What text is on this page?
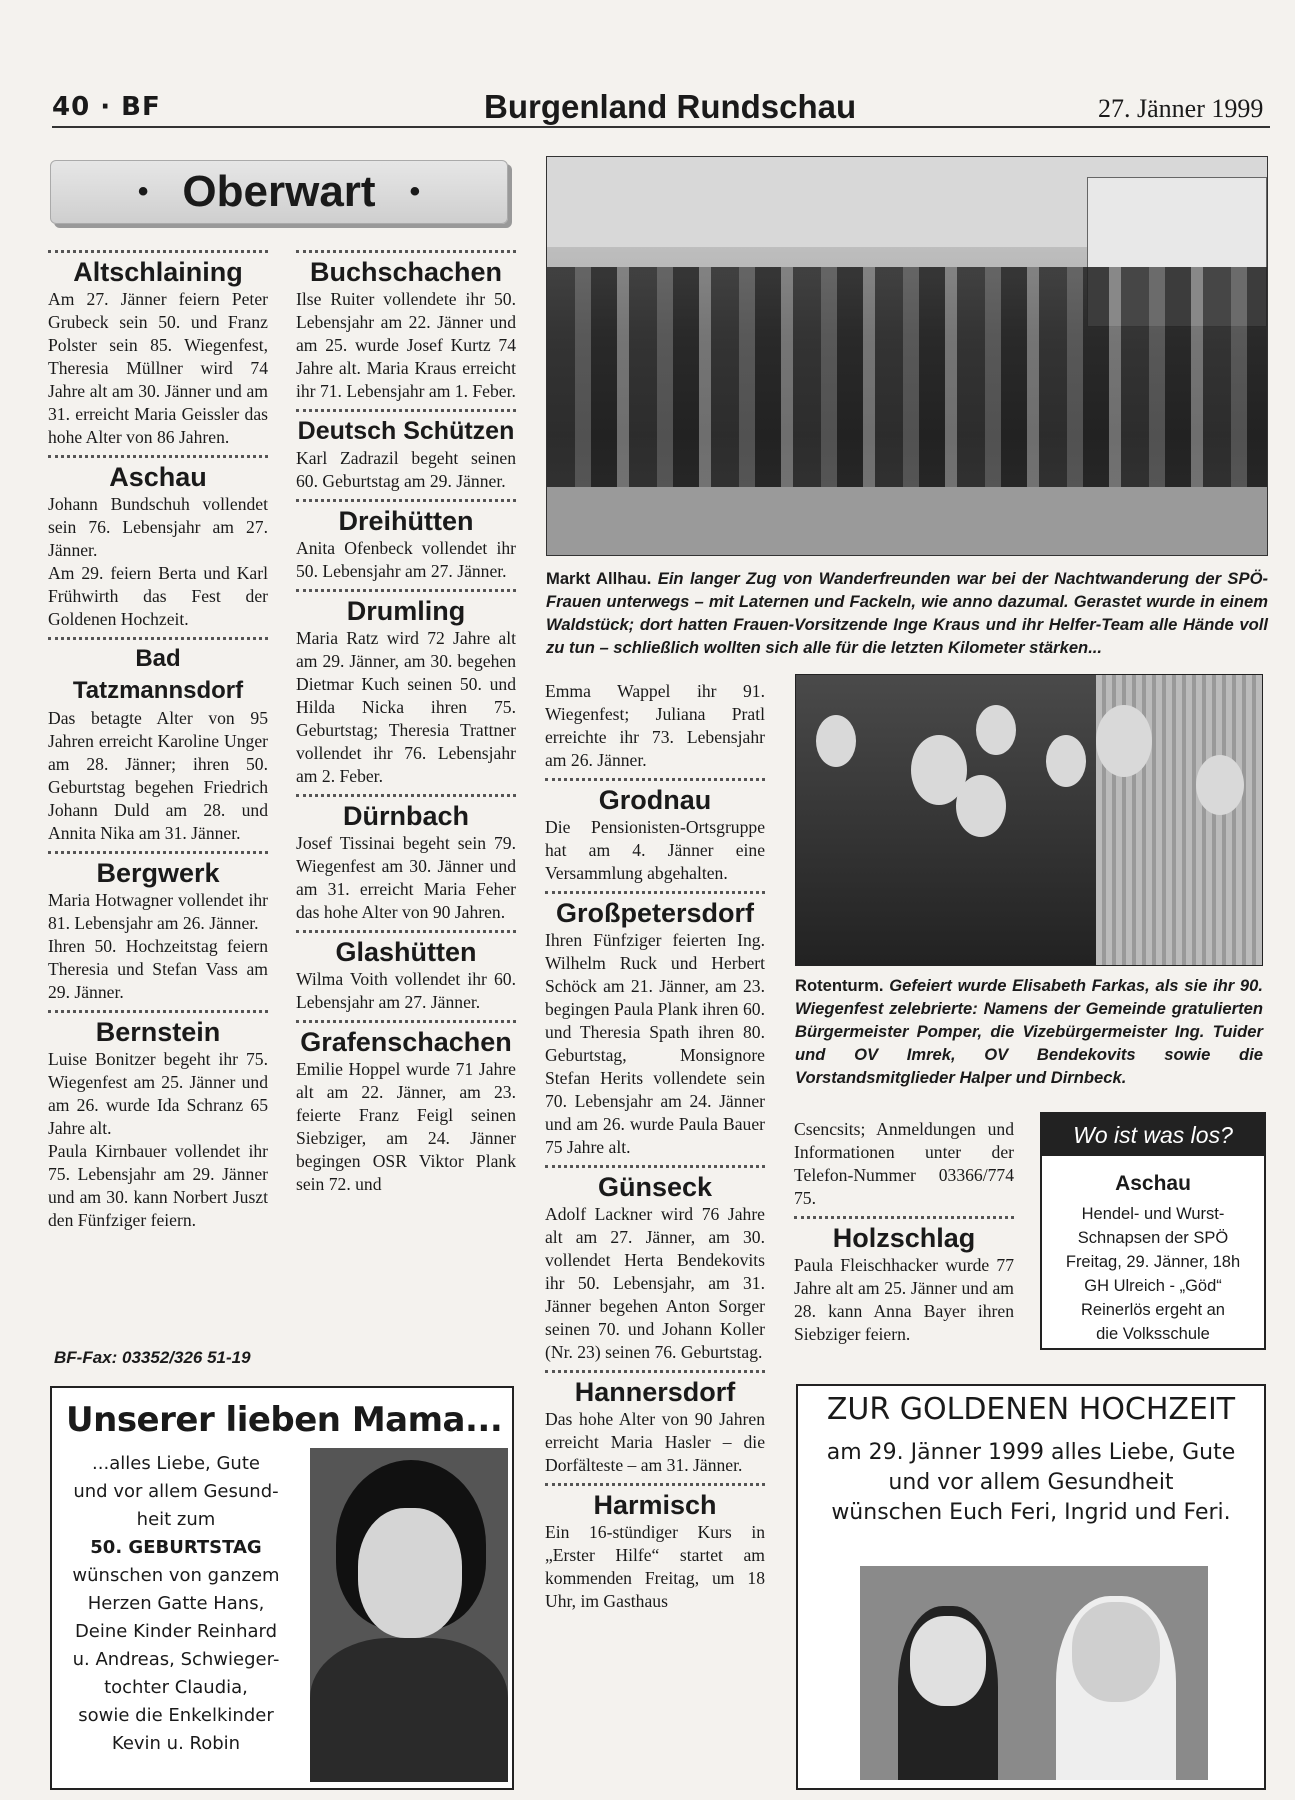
40 · BF	Burgenland Rundschau	27. Jänner 1999
• Oberwart •
Altschlaining

Am 27. Jänner feiern Peter Grubeck sein 50. und Franz Polster sein 85. Wiegenfest, Theresia Müllner wird 74 Jahre alt am 30. Jänner und am 31. erreicht Maria Geissler das hohe Alter von 86 Jahren.

Aschau

Johann Bundschuh vollendet sein 76. Lebensjahr am 27. Jänner.

Am 29. feiern Berta und Karl Frühwirth das Fest der Goldenen Hochzeit.

Bad Tatzmannsdorf

Das betagte Alter von 95 Jahren erreicht Karoline Unger am 28. Jänner; ihren 50. Geburtstag begehen Friedrich Johann Duld am 28. und Annita Nika am 31. Jänner.

Bergwerk

Maria Hotwagner vollendet ihr 81. Lebensjahr am 26. Jänner.

Ihren 50. Hochzeitstag feiern Theresia und Stefan Vass am 29. Jänner.

Bernstein

Luise Bonitzer begeht ihr 75. Wiegenfest am 25. Jänner und am 26. wurde Ida Schranz 65 Jahre alt.

Paula Kirnbauer vollendet ihr 75. Lebensjahr am 29. Jänner und am 30. kann Norbert Juszt den Fünfziger feiern.

BF-Fax: 03352/326 51-19
Buchschachen

Ilse Ruiter vollendete ihr 50. Lebensjahr am 22. Jänner und am 25. wurde Josef Kurtz 74 Jahre alt. Maria Kraus erreicht ihr 71. Lebensjahr am 1. Feber.

Deutsch Schützen

Karl Zadrazil begeht seinen 60. Geburtstag am 29. Jänner.

Dreihütten

Anita Ofenbeck vollendet ihr 50. Lebensjahr am 27. Jänner.

Drumling

Maria Ratz wird 72 Jahre alt am 29. Jänner, am 30. begehen Dietmar Kuch seinen 50. und Hilda Nicka ihren 75. Geburtstag; Theresia Trattner vollendet ihr 76. Lebensjahr am 2. Feber.

Dürnbach

Josef Tissinai begeht sein 79. Wiegenfest am 30. Jänner und am 31. erreicht Maria Feher das hohe Alter von 90 Jahren.

Glashütten

Wilma Voith vollendet ihr 60. Lebensjahr am 27. Jänner.

Grafenschachen

Emilie Hoppel wurde 71 Jahre alt am 22. Jänner, am 23. feierte Franz Feigl seinen Siebziger, am 24. Jänner begingen OSR Viktor Plank sein 72. und

Markt Allhau. Ein langer Zug von Wanderfreunden war bei der Nachtwanderung der SPÖ-Frauen unterwegs – mit Laternen und Fackeln, wie anno dazumal. Gerastet wurde in einem Waldstück; dort hatten Frauen-Vorsitzende Inge Kraus und ihr Helfer-Team alle Hände voll zu tun – schließlich wollten sich alle für die letzten Kilometer stärken...

Emma Wappel ihr 91. Wiegenfest; Juliana Pratl erreichte ihr 73. Lebensjahr am 26. Jänner.

Grodnau

Die Pensionisten-Ortsgruppe hat am 4. Jänner eine Versammlung abgehalten.

Großpetersdorf

Ihren Fünfziger feierten Ing. Wilhelm Ruck und Herbert Schöck am 21. Jänner, am 23. begingen Paula Plank ihren 60. und Theresia Spath ihren 80. Geburtstag, Monsignore Stefan Herits vollendete sein 70. Lebensjahr am 24. Jänner und am 26. wurde Paula Bauer 75 Jahre alt.

Günseck

Adolf Lackner wird 76 Jahre alt am 27. Jänner, am 30. vollendet Herta Bendekovits ihr 50. Lebensjahr, am 31. Jänner begehen Anton Sorger seinen 70. und Johann Koller (Nr. 23) seinen 76. Geburtstag.

Hannersdorf

Das hohe Alter von 90 Jahren erreicht Maria Hasler – die Dorfälteste – am 31. Jänner.

Harmisch

Ein 16-stündiger Kurs in „Erster Hilfe“ startet am kommenden Freitag, um 18 Uhr, im Gasthaus

Rotenturm. Gefeiert wurde Elisabeth Farkas, als sie ihr 90. Wiegenfest zelebrierte: Namens der Gemeinde gratulierten Bürgermeister Pomper, die Vizebürgermeister Ing. Tuider und OV Imrek, OV Bendekovits sowie die Vorstandsmitglieder Halper und Dirnbeck.

Csencsits; Anmeldungen und Informationen unter der Telefon-Nummer 03366/774 75.

Holzschlag

Paula Fleischhacker wurde 77 Jahre alt am 25. Jänner und am 28. kann Anna Bayer ihren Siebziger feiern.

Wo ist was los?
Aschau
Hendel- und Wurst-
Schnapsen der SPÖ
Freitag, 29. Jänner, 18h
GH Ulreich - „Göd“
Reinerlös ergeht an
die Volksschule
Unserer lieben Mama...
...alles Liebe, Gute
und vor allem Gesund-
heit zum
50. GEBURTSTAG
wünschen von ganzem
Herzen Gatte Hans,
Deine Kinder Reinhard
u. Andreas, Schwieger-
tochter Claudia,
sowie die Enkelkinder
Kevin u. Robin
ZUR GOLDENEN HOCHZEIT
am 29. Jänner 1999 alles Liebe, Gute
und vor allem Gesundheit
wünschen Euch Feri, Ingrid und Feri.
